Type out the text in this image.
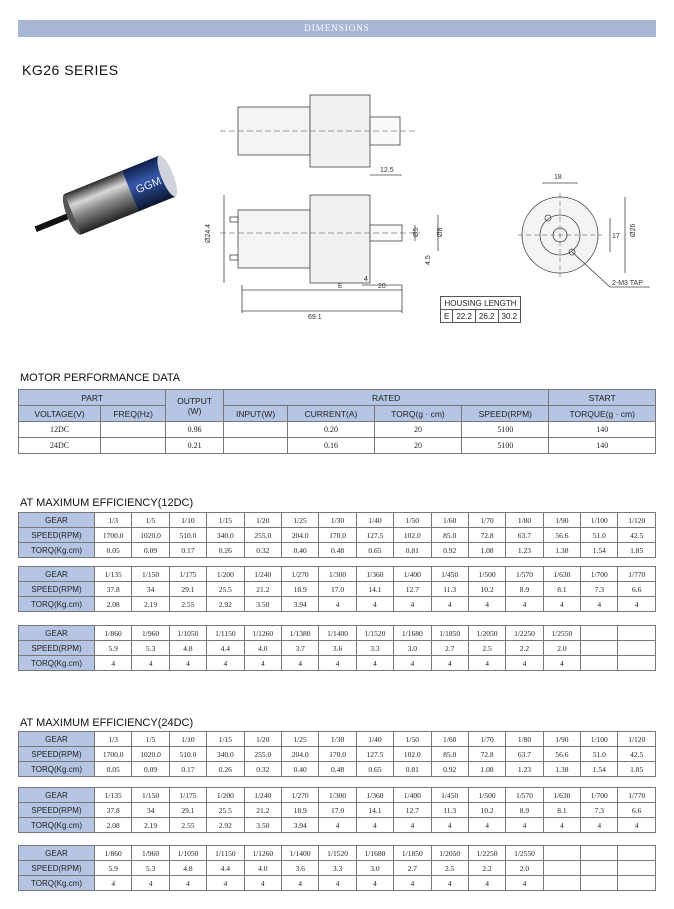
DIMENSIONS
KG26 SERIES
GGM
12.5
Ø24.4	Ø5 Ø8
4
4.5
E	20
69.1
18
17 Ø26
2-M3 TAP
HOUSING LENGTH
E	22.2	26.2	30.2
MOTOR PERFORMANCE DATA
PART		OUTPUT
(W)	RATED				START
VOLTAGE(V)	FREQ(Hz)		INPUT(W)	CURRENT(A)	TORQ(g · cm)	SPEED(RPM)	TORQUE(g · cm)
12DC		0.96		0.20	20	5100	140
24DC		0.21		0.16	20	5100	140
AT MAXIMUM EFFICIENCY(12DC)
GEAR	1/3	1/5	1/10	1/15	1/20	1/25	1/30	1/40	1/50	1/60	1/70	1/80	1/90	1/100	1/120
SPEED(RPM)	1700.0	1020.0	510.0	340.0	255.0	204.0	170.0	127.5	102.0	85.0	72.8	63.7	56.6	51.0	42.5
TORQ(Kg.cm)	0.05	0.09	0.17	0.26	0.32	0.40	0.48	0.65	0.81	0.92	1.08	1.23	1.38	1.54	1.85
GEAR	1/135	1/150	1/175	1/200	1/240	1/270	1/300	1/360	1/400	1/450	1/500	1/570	1/630	1/700	1/770
SPEED(RPM)	37.8	34	29.1	25.5	21.2	18.9	17.0	14.1	12.7	11.3	10.2	8.9	8.1	7.3	6.6
TORQ(Kg.cm)	2.08	2.19	2.55	2.92	3.50	3.94	4	4	4	4	4	4	4	4	4
GEAR	1/860	1/960	1/1050	1/1150	1/1260	1/1380	1/1400	1/1520	1/1680	1/1850	1/2050	1/2250	1/2550		
SPEED(RPM)	5.9	5.3	4.8	4.4	4.0	3.7	3.6	3.3	3.0	2.7	2.5	2.2	2.0		
TORQ(Kg.cm)	4	4	4	4	4	4	4	4	4	4	4	4	4		
AT MAXIMUM EFFICIENCY(24DC)
GEAR	1/3	1/5	1/10	1/15	1/20	1/25	1/30	1/40	1/50	1/60	1/70	1/80	1/90	1/100	1/120
SPEED(RPM)	1700.0	1020.0	510.0	340.0	255.0	204.0	170.0	127.5	102.0	85.0	72.8	63.7	56.6	51.0	42.5
TORQ(Kg.cm)	0.05	0.09	0.17	0.26	0.32	0.40	0.48	0.65	0.81	0.92	1.08	1.23	1.38	1.54	1.85
GEAR	1/135	1/150	1/175	1/200	1/240	1/270	1/300	1/360	1/400	1/450	1/500	1/570	1/630	1/700	1/770
SPEED(RPM)	37.8	34	29.1	25.5	21.2	18.9	17.0	14.1	12.7	11.3	10.2	8.9	8.1	7.3	6.6
TORQ(Kg.cm)	2.08	2.19	2.55	2.92	3.50	3.94	4	4	4	4	4	4	4	4	4
GEAR	1/860	1/960	1/1050	1/1150	1/1260	1/1400	1/1520	1/1680	1/1850	1/2050	1/2250	1/2550			
SPEED(RPM)	5.9	5.3	4.8	4.4	4.0	3.6	3.3	3.0	2.7	2.5	2.2	2.0			
TORQ(Kg.cm)	4	4	4	4	4	4	4	4	4	4	4	4			
